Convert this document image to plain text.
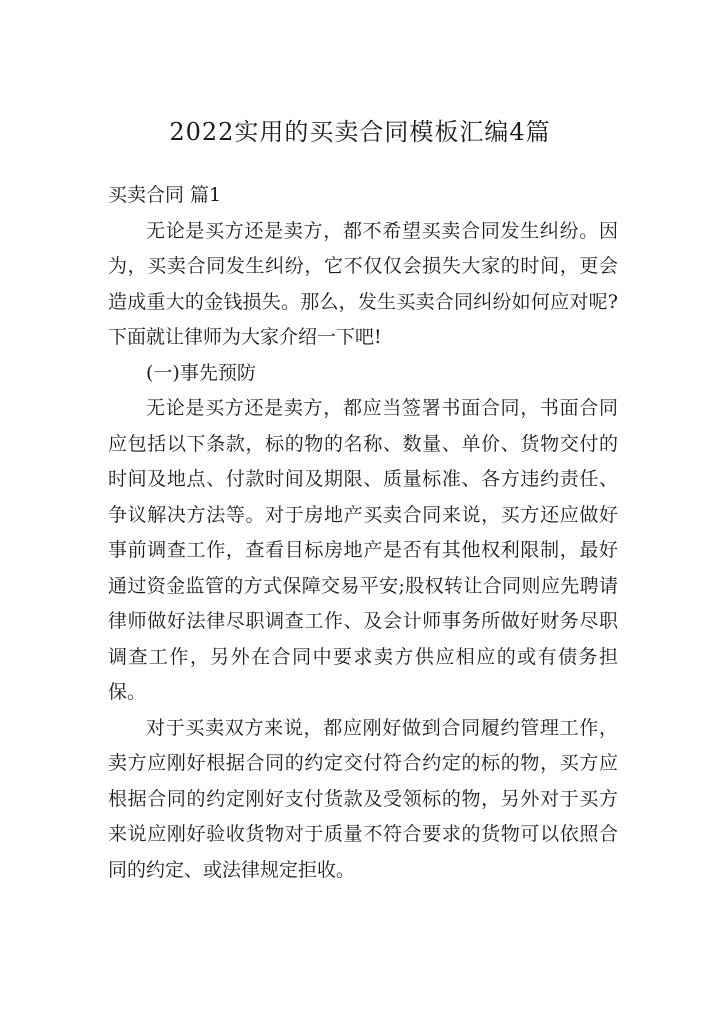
2022实用的买卖合同模板汇编4篇

买卖合同 篇1

无论是买方还是卖方，都不希望买卖合同发生纠纷。因为，买卖合同发生纠纷，它不仅仅会损失大家的时间，更会造成重大的金钱损失。那么，发生买卖合同纠纷如何应对呢?下面就让律师为大家介绍一下吧!

(一)事先预防

无论是买方还是卖方，都应当签署书面合同，书面合同应包括以下条款，标的物的名称、数量、单价、货物交付的时间及地点、付款时间及期限、质量标准、各方违约责任、争议解决方法等。对于房地产买卖合同来说，买方还应做好事前调查工作，查看目标房地产是否有其他权利限制，最好通过资金监管的方式保障交易平安;股权转让合同则应先聘请律师做好法律尽职调查工作、及会计师事务所做好财务尽职调查工作，另外在合同中要求卖方供应相应的或有债务担保。

对于买卖双方来说，都应刚好做到合同履约管理工作，卖方应刚好根据合同的约定交付符合约定的标的物，买方应根据合同的约定刚好支付货款及受领标的物，另外对于买方来说应刚好验收货物对于质量不符合要求的货物可以依照合同的约定、或法律规定拒收。
